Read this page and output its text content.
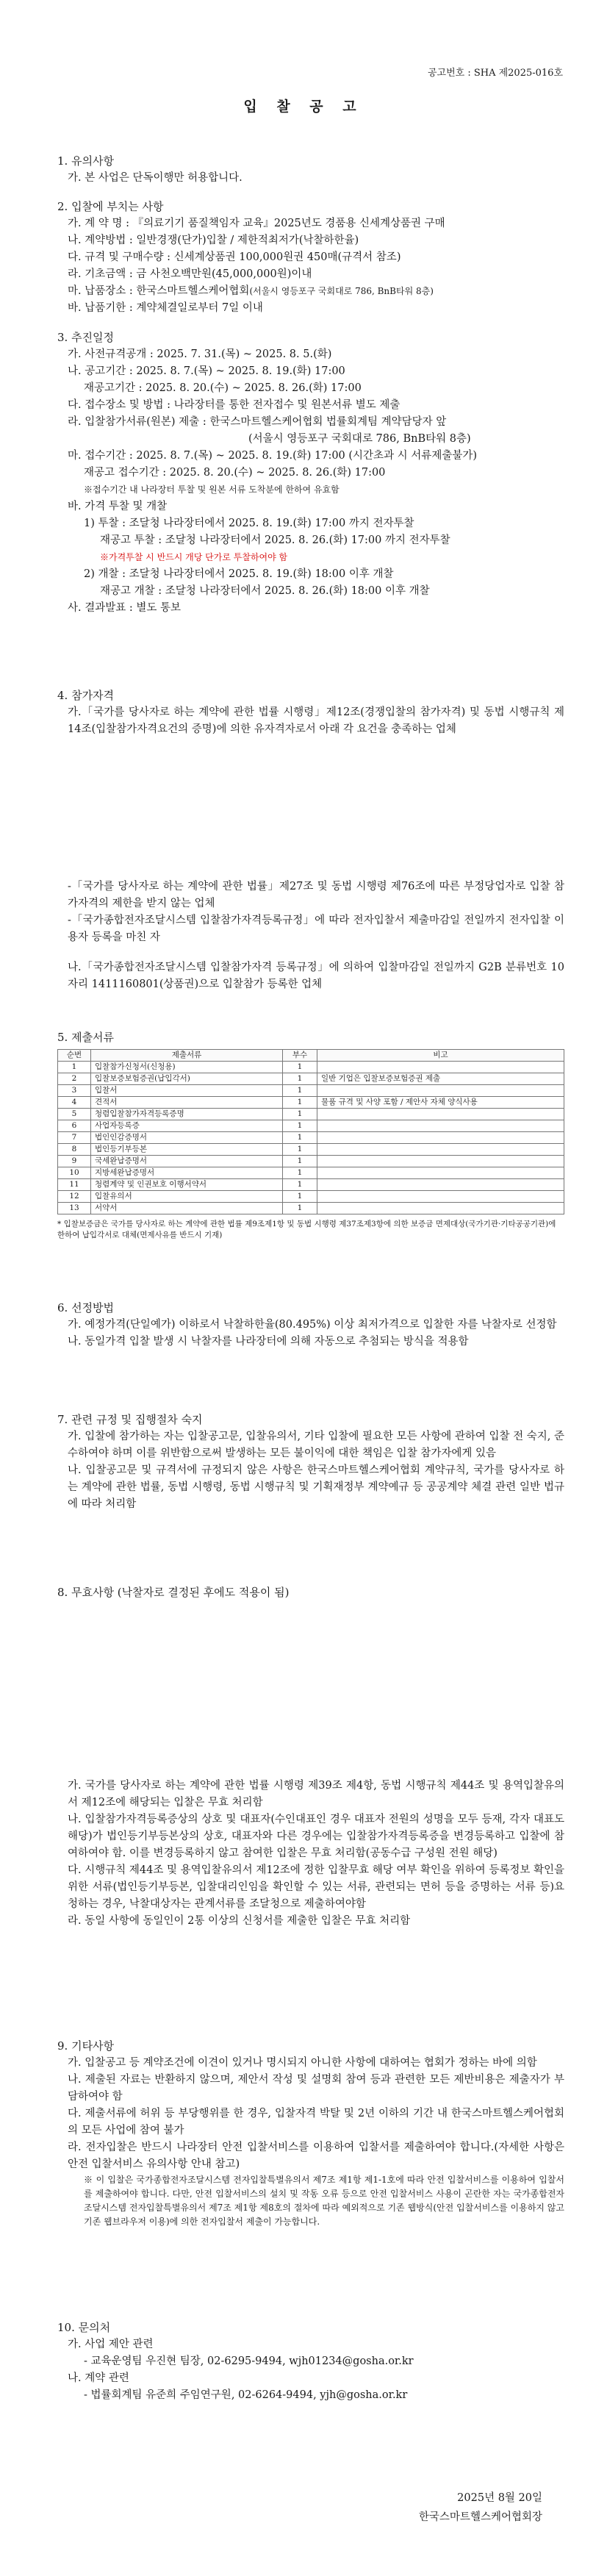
공고번호 : SHA 제2025-016호
입 찰 공 고
1. 유의사항
가. 본 사업은 단독이행만 허용합니다.
2. 입찰에 부치는 사항
가. 계 약 명 : 『의료기기 품질책임자 교육』2025년도 경품용 신세계상품권 구매
나. 계약방법 : 일반경쟁(단가)입찰 / 제한적최저가(낙찰하한율)
다. 규격 및 구매수량 : 신세계상품권 100,000원권 450매(규격서 참조)
라. 기초금액 : 금 사천오백만원(45,000,000원)이내
마. 납품장소 : 한국스마트헬스케어협회(서울시 영등포구 국회대로 786, BnB타워 8층)
바. 납품기한 : 계약체결일로부터 7일 이내
3. 추진일정
가. 사전규격공개 : 2025. 7. 31.(목) ~ 2025. 8. 5.(화)
나. 공고기간 : 2025. 8. 7.(목) ~ 2025. 8. 19.(화) 17:00
재공고기간 : 2025. 8. 20.(수) ~ 2025. 8. 26.(화) 17:00
다. 접수장소 및 방법 : 나라장터를 통한 전자접수 및 원본서류 별도 제출
라. 입찰참가서류(원본) 제출 : 한국스마트헬스케어협회 법률회계팀 계약담당자 앞
(서울시 영등포구 국회대로 786, BnB타워 8층)
마. 접수기간 : 2025. 8. 7.(목) ~ 2025. 8. 19.(화) 17:00 (시간초과 시 서류제출불가)
재공고 접수기간 : 2025. 8. 20.(수) ~ 2025. 8. 26.(화) 17:00
※접수기간 내 나라장터 투찰 및 원본 서류 도착분에 한하여 유효함
바. 가격 투찰 및 개찰
1) 투찰 : 조달청 나라장터에서 2025. 8. 19.(화) 17:00 까지 전자투찰
재공고 투찰 : 조달청 나라장터에서 2025. 8. 26.(화) 17:00 까지 전자투찰
※가격투찰 시 반드시 개당 단가로 투찰하여야 함
2) 개찰 : 조달청 나라장터에서 2025. 8. 19.(화) 18:00 이후 개찰
재공고 개찰 : 조달청 나라장터에서 2025. 8. 26.(화) 18:00 이후 개찰
사. 결과발표 : 별도 통보
4. 참가자격
가.「국가를 당사자로 하는 계약에 관한 법률 시행령」제12조(경쟁입찰의 참가자격) 및 동법 시행규칙 제14조(입찰참가자격요건의 증명)에 의한 유자격자로서 아래 각 요건을 충족하는 업체
-「국가를 당사자로 하는 계약에 관한 법률」제27조 및 동법 시행령 제76조에 따른 부정당업자로 입찰 참가자격의 제한을 받지 않는 업체
-「국가종합전자조달시스템 입찰참가자격등록규정」에 따라 전자입찰서 제출마감일 전일까지 전자입찰 이용자 등록을 마친 자
나.「국가종합전자조달시스템 입찰참가자격 등록규정」에 의하여 입찰마감일 전일까지 G2B 분류번호 10자리 1411160801(상품권)으로 입찰참가 등록한 업체
5. 제출서류
순번	제출서류	부수	비고
1	입찰참가신청서(신청용)	1	
2	입찰보증보험증권(납입각서)	1	일반 기업은 입찰보증보험증권 제출
3	입찰서	1	
4	견적서	1	물품 규격 및 사양 포함 / 제안사 자체 양식사용
5	청렴입찰참가자격등록증명	1	
6	사업자등록증	1	
7	법인인감증명서	1	
8	법인등기부등본	1	
9	국세완납증명서	1	
10	지방세완납증명서	1	
11	청렴계약 및 인권보호 이행서약서	1	
12	입찰유의서	1	
13	서약서	1	
* 입찰보증금은 국가를 당사자로 하는 계약에 관한 법률 제9조제1항 및 동법 시행령 제37조제3항에 의한 보증금 면제대상(국가기관·기타공공기관)에 한하여 납입각서로 대체(면제사유를 반드시 기재)
6. 선정방법
가. 예정가격(단일예가) 이하로서 낙찰하한율(80.495%) 이상 최저가격으로 입찰한 자를 낙찰자로 선정함
나. 동일가격 입찰 발생 시 낙찰자를 나라장터에 의해 자동으로 추첨되는 방식을 적용함
7. 관련 규정 및 집행절차 숙지
가. 입찰에 참가하는 자는 입찰공고문, 입찰유의서, 기타 입찰에 필요한 모든 사항에 관하여 입찰 전 숙지, 준수하여야 하며 이를 위반함으로써 발생하는 모든 불이익에 대한 책임은 입찰 참가자에게 있음
나. 입찰공고문 및 규격서에 규정되지 않은 사항은 한국스마트헬스케어협회 계약규칙, 국가를 당사자로 하는 계약에 관한 법률, 동법 시행령, 동법 시행규칙 및 기획재정부 계약예규 등 공공계약 체결 관련 일반 법규에 따라 처리함
8. 무효사항 (낙찰자로 결정된 후에도 적용이 됨)
가. 국가를 당사자로 하는 계약에 관한 법률 시행령 제39조 제4항, 동법 시행규칙 제44조 및 용역입찰유의서 제12조에 해당되는 입찰은 무효 처리함
나. 입찰참가자격등록증상의 상호 및 대표자(수인대표인 경우 대표자 전원의 성명을 모두 등재, 각자 대표도 해당)가 법인등기부등본상의 상호, 대표자와 다른 경우에는 입찰참가자격등록증을 변경등록하고 입찰에 참여하여야 함. 이를 변경등록하지 않고 참여한 입찰은 무효 처리함(공동수급 구성원 전원 해당)
다. 시행규칙 제44조 및 용역입찰유의서 제12조에 정한 입찰무효 해당 여부 확인을 위하여 등록정보 확인을 위한 서류(법인등기부등본, 입찰대리인임을 확인할 수 있는 서류, 관련되는 면허 등을 증명하는 서류 등)요청하는 경우, 낙찰대상자는 관계서류를 조달청으로 제출하여야함
라. 동일 사항에 동일인이 2통 이상의 신청서를 제출한 입찰은 무효 처리함
9. 기타사항
가. 입찰공고 등 계약조건에 이견이 있거나 명시되지 아니한 사항에 대하여는 협회가 정하는 바에 의함
나. 제출된 자료는 반환하지 않으며, 제안서 작성 및 설명회 참여 등과 관련한 모든 제반비용은 제출자가 부담하여야 함
다. 제출서류에 허위 등 부당행위를 한 경우, 입찰자격 박탈 및 2년 이하의 기간 내 한국스마트헬스케어협회의 모든 사업에 참여 불가
라. 전자입찰은 반드시 나라장터 안전 입찰서비스를 이용하여 입찰서를 제출하여야 합니다.(자세한 사항은 안전 입찰서비스 유의사항 안내 참고)
※ 이 입찰은 국가종합전자조달시스템 전자입찰특별유의서 제7조 제1항 제1-1호에 따라 안전 입찰서비스를 이용하여 입찰서를 제출하여야 합니다. 다만, 안전 입찰서비스의 설치 및 작동 오류 등으로 안전 입찰서비스 사용이 곤란한 자는 국가종합전자 조달시스템 전자입찰특별유의서 제7조 제1항 제8호의 절차에 따라 예외적으로 기존 웹방식(안전 입찰서비스를 이용하지 않고 기존 웹브라우저 이용)에 의한 전자입찰서 제출이 가능합니다.
10. 문의처
가. 사업 제안 관련
- 교육운영팀 우진현 팀장, 02-6295-9494, wjh01234@gosha.or.kr
나. 계약 관련
- 법률회계팀 유준희 주임연구원, 02-6264-9494, yjh@gosha.or.kr
2025년 8월 20일
한국스마트헬스케어협회장
